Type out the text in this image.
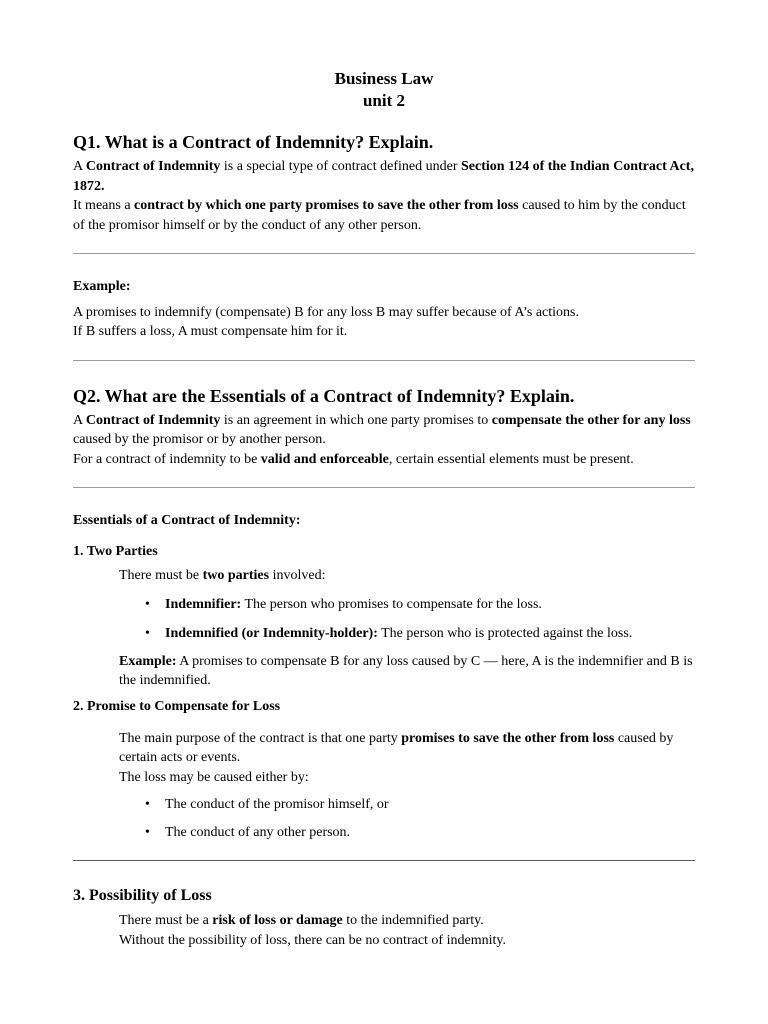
Business Law
unit 2
Q1. What is a Contract of Indemnity? Explain.

A Contract of Indemnity is a special type of contract defined under Section 124 of the Indian Contract Act, 1872.

It means a contract by which one party promises to save the other from loss caused to him by the conduct of the promisor himself or by the conduct of any other person.

Example:

A promises to indemnify (compensate) B for any loss B may suffer because of A’s actions.

If B suffers a loss, A must compensate him for it.

Q2. What are the Essentials of a Contract of Indemnity? Explain.

A Contract of Indemnity is an agreement in which one party promises to compensate the other for any loss caused by the promisor or by another person.

For a contract of indemnity to be valid and enforceable, certain essential elements must be present.

Essentials of a Contract of Indemnity:
1. Two Parties

There must be two parties involved:

•	Indemnifier: The person who promises to compensate for the loss.
•	Indemnified (or Indemnity-holder): The person who is protected against the loss.

Example: A promises to compensate B for any loss caused by C — here, A is the indemnifier and B is the indemnified.

2. Promise to Compensate for Loss

The main purpose of the contract is that one party promises to save the other from loss caused by certain acts or events.

The loss may be caused either by:

•	The conduct of the promisor himself, or
•	The conduct of any other person.
3. Possibility of Loss

There must be a risk of loss or damage to the indemnified party.

Without the possibility of loss, there can be no contract of indemnity.
